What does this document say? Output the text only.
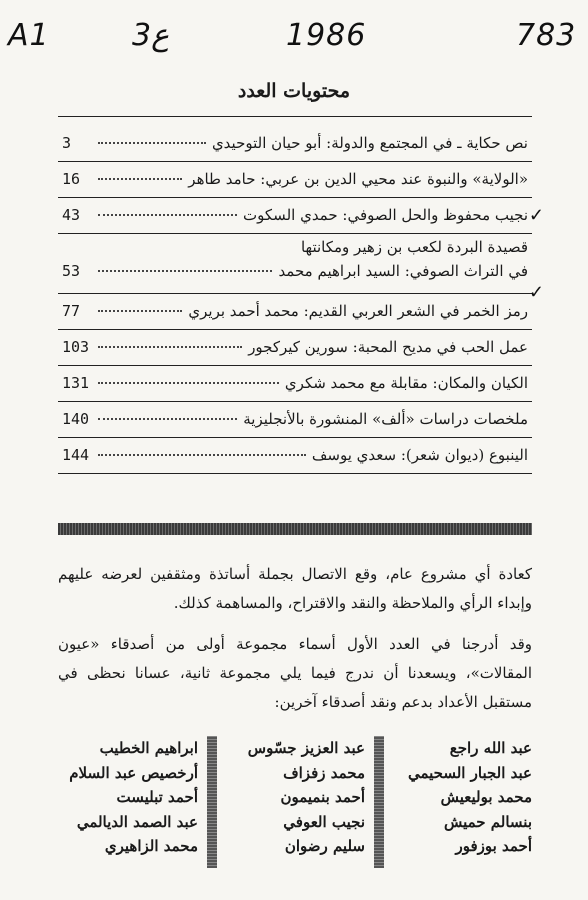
A1	3ع	1986	783
محتويات العدد
نص حكاية ـ في المجتمع والدولة: أبو حيان التوحيدي
3
«الولاية» والنبوة عند محيي الدين بن عربي: حامد طاهر
16
نجيب محفوظ والحل الصوفي: حمدي السكوت
43
قصيدة البردة لكعب بن زهير ومكانتها
في التراث الصوفي: السيد ابراهيم محمد
53
رمز الخمر في الشعر العربي القديم: محمد أحمد بريري
77
عمل الحب في مديح المحبة: سورين كيركجور
103
الكيان والمكان: مقابلة مع محمد شكري
131
ملخصات دراسات «ألف» المنشورة بالأنجليزية
140
الينبوع (ديوان شعر): سعدي يوسف
144
✓
✓
كعادة أي مشروع عام، وقع الاتصال بجملة أساتذة ومثقفين لعرضه عليهم وإبداء الرأي والملاحظة والنقد والاقتراح، والمساهمة كذلك.
وقد أدرجنا في العدد الأول أسماء مجموعة أولى من أصدقاء «عيون المقالات»، ويسعدنا أن ندرج فيما يلي مجموعة ثانية، عسانا نحظى في مستقبل الأعداد بدعم ونقد أصدقاء آخرين:
عبد الله راجع
عبد الجبار السحيمي
محمد بوليعيش
بنسالم حميش
أحمد بوزفور
عبد العزيز جسّوس
محمد زفزاف
أحمد بنميمون
نجيب العوفي
سليم رضوان
ابراهيم الخطيب
أرخصيص عبد السلام
أحمد تبليست
عبد الصمد الديالمي
محمد الزاهيري
